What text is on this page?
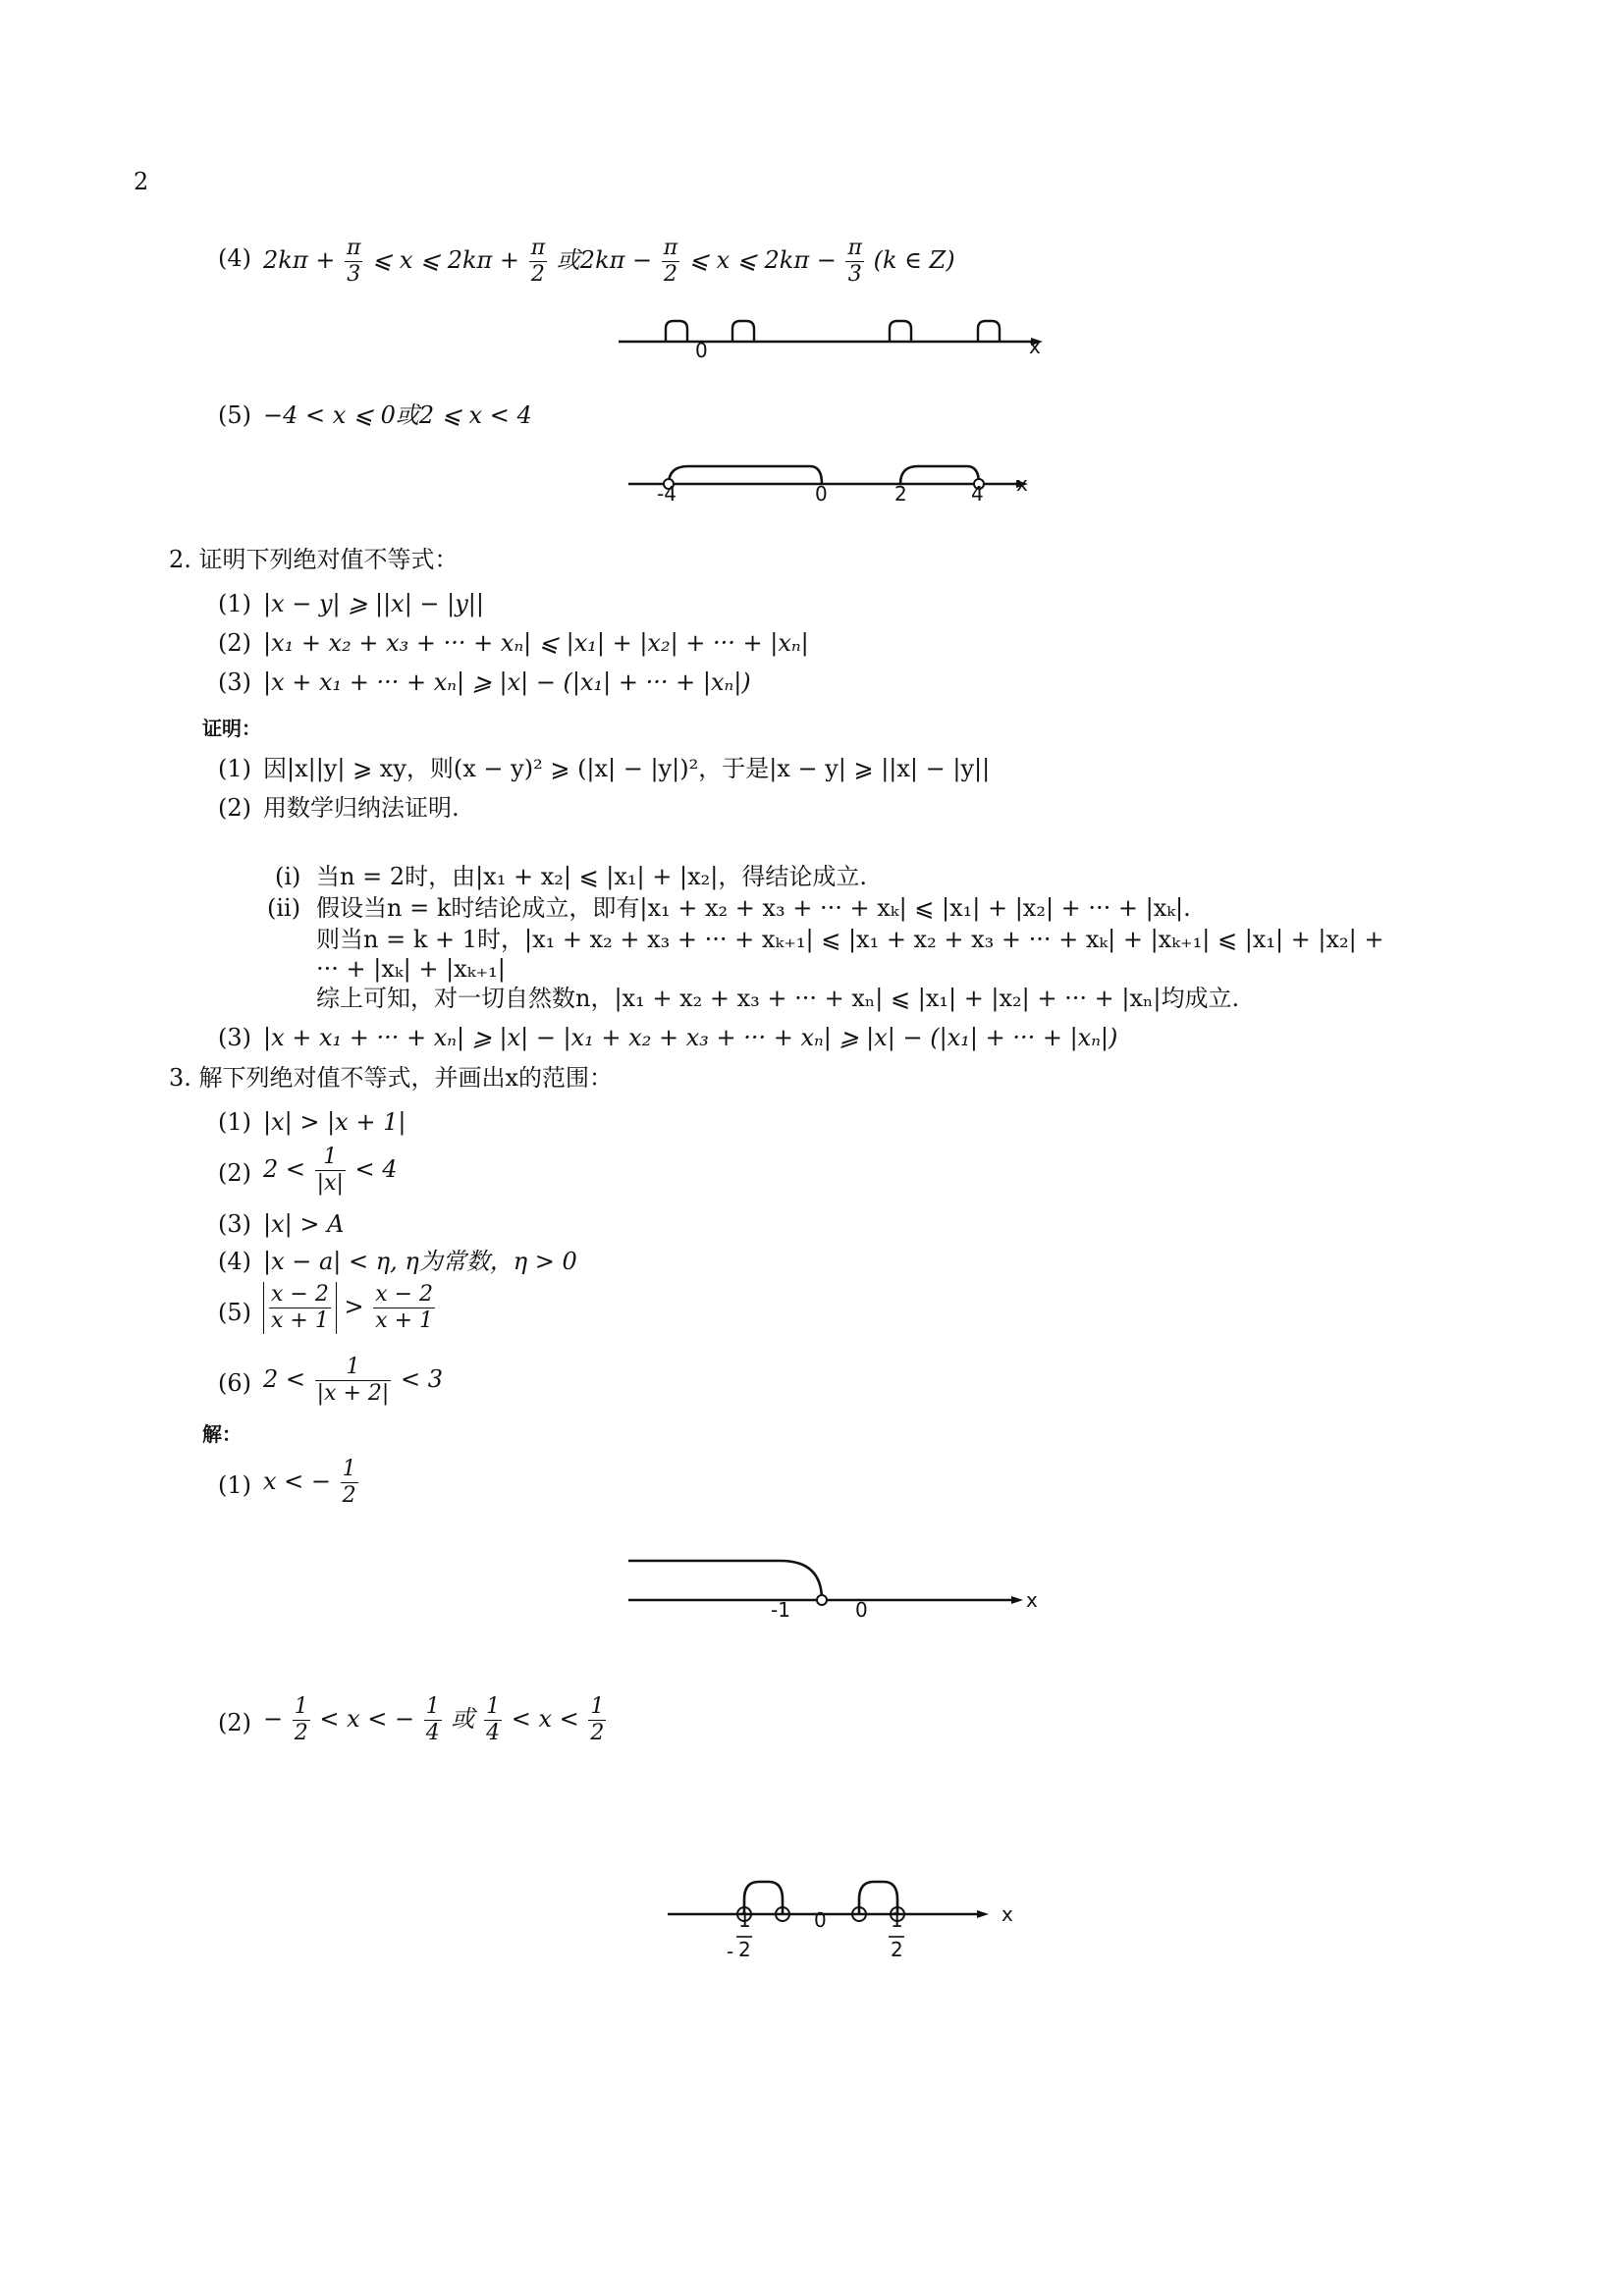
2
(4) $2k\pi + \frac{\pi}{3}$ ⩽ x ⩽ $2k\pi + \frac{\pi}{2}$ 或$2k\pi - \frac{\pi}{2}$ ⩽ x ⩽ $2k\pi - \frac{\pi}{3} (k$ ∈ Z)
0	x
(5) −4 < x ⩽ 0或2 ⩽ x < 4
-4	0	2	4 x
2. 证明下列绝对值不等式：
(1) |x − y| ⩾ ||x| − |y||
(2) |x₁ + x₂ + x₃ + ··· + xₙ| ⩽ |x₁| + |x₂| + ··· + |xₙ|
(3) |x + x₁ + ··· + xₙ| ⩾ |x| − (|x₁| + ··· + |xₙ|)
证明：
(1) 因|x||y| ⩾ xy，则(x − y)² ⩾ (|x| − |y|)²，于是|x − y| ⩾ ||x| − |y||
(2) 用数学归纳法证明.
(i) 当n = 2时，由|x₁ + x₂| ⩽ |x₁| + |x₂|，得结论成立.
(ii) 假设当n = k时结论成立，即有|x₁ + x₂ + x₃ + ··· + xₖ| ⩽ |x₁| + |x₂| + ··· + |xₖ|.
则当n = k + 1时，|x₁ + x₂ + x₃ + ··· + xₖ₊₁| ⩽ |x₁ + x₂ + x₃ + ··· + xₖ| + |xₖ₊₁| ⩽ |x₁| + |x₂| +
··· + |xₖ| + |xₖ₊₁|
综上可知，对一切自然数n，|x₁ + x₂ + x₃ + ··· + xₙ| ⩽ |x₁| + |x₂| + ··· + |xₙ|均成立.
(3) |x + x₁ + ··· + xₙ| ⩾ |x| − |x₁ + x₂ + x₃ + ··· + xₙ| ⩾ |x| − (|x₁| + ··· + |xₙ|)
3. 解下列绝对值不等式，并画出x的范围：
(1) |x| > |x + 1|
(2) $2 < \frac{1}{|x|} < 4$
(3) |x| > A
(4) |x − a| < η, η为常数，η > 0
$(5) \frac{x - 2}{x + 1} > \frac{x - 2}{x + 1}$
(6) $2 < \frac{1}{|x + 2|} < 3$
解：
(1) x < − $\frac{1}{2}$
-1	0	x
$(2) - \frac{1}{2} < x$ < − $\frac{1}{4}$ 或 $\frac{1}{4} < x < \frac{1}{2}$
-
1
2
0	1
2
x
